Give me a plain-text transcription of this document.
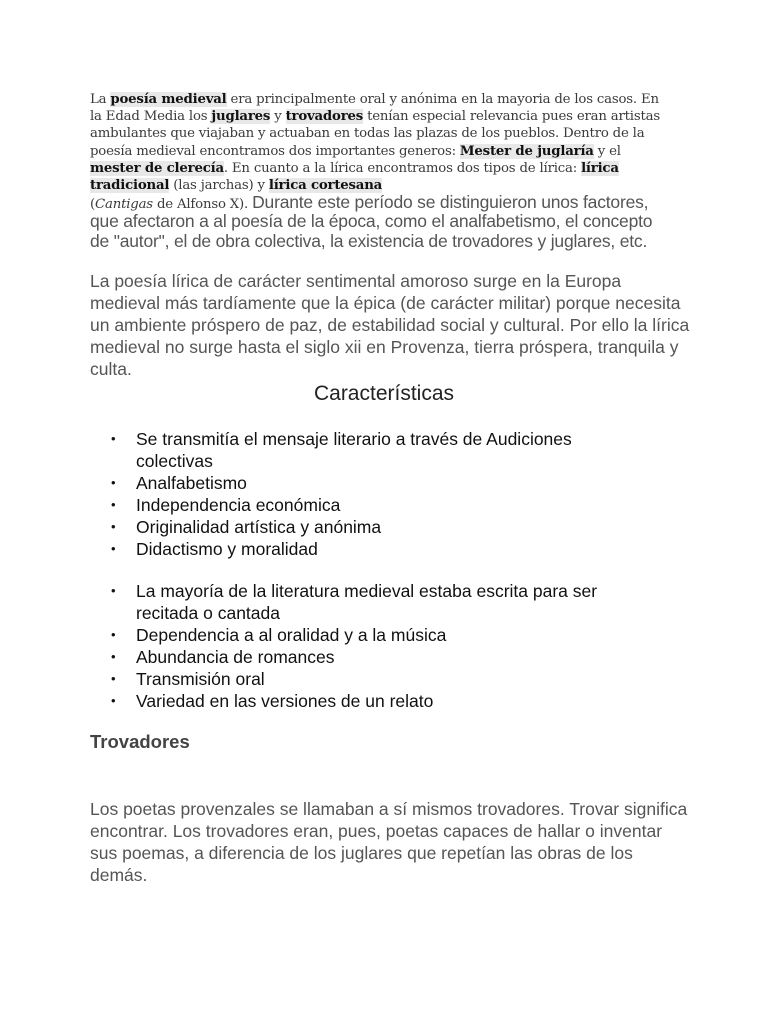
La poesía medieval era principalmente oral y anónima en la mayoria de los casos. En la Edad Media los juglares y trovadores tenían especial relevancia pues eran artistas ambulantes que viajaban y actuaban en todas las plazas de los pueblos. Dentro de la poesía medieval encontramos dos importantes generos: Mester de juglaría y el mester de clerecía. En cuanto a la lírica encontramos dos tipos de lírica: lírica tradicional (las jarchas) y lírica cortesana
(Cantigas de Alfonso X). Durante este período se distinguieron unos factores, que afectaron a al poesía de la época, como el analfabetismo, el concepto de "autor", el de obra colectiva, la existencia de trovadores y juglares, etc.

La poesía lírica de carácter sentimental amoroso surge en la Europa medieval más tardíamente que la épica (de carácter militar) porque necesita un ambiente próspero de paz, de estabilidad social y cultural. Por ello la lírica medieval no surge hasta el siglo xii en Provenza, tierra próspera, tranquila y culta.

Características
• Se transmitía el mensaje literario a través de Audiciones colectivas
• Analfabetismo
• Independencia económica
• Originalidad artística y anónima
• Didactismo y moralidad
• La mayoría de la literatura medieval estaba escrita para ser recitada o cantada
• Dependencia a al oralidad y a la música
• Abundancia de romances
• Transmisión oral
• Variedad en las versiones de un relato
Trovadores

Los poetas provenzales se llamaban a sí mismos trovadores. Trovar significa encontrar. Los trovadores eran, pues, poetas capaces de hallar o inventar sus poemas, a diferencia de los juglares que repetían las obras de los demás.
